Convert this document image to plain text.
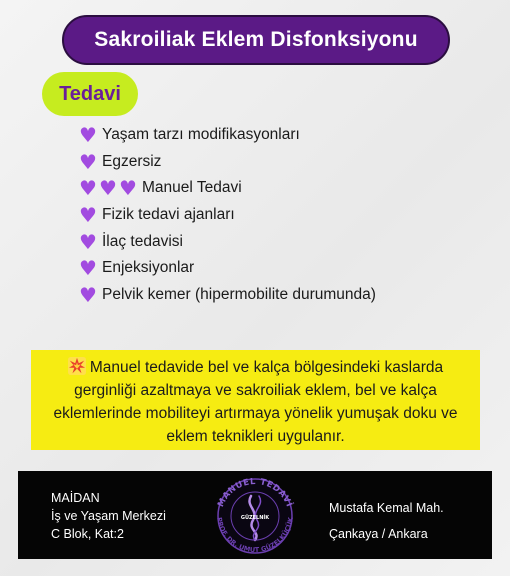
Sakroiliak Eklem Disfonksiyonu
Tedavi
♥ Yaşam tarzı modifikasyonları
♥ Egzersiz
♥ ♥ ♥ Manuel Tedavi
♥ Fizik tedavi ajanları
♥ İlaç tedavisi
♥ Enjeksiyonlar
♥ Pelvik kemer (hipermobilite durumunda)
Manuel tedavide bel ve kalça bölgesindeki kaslarda gerginliği azaltmaya ve sakroiliak eklem, bel ve kalça eklemlerinde mobiliteyi artırmaya yönelik yumuşak doku ve eklem teknikleri uygulanır.
MAİDAN
İş ve Yaşam Merkezi
C Blok, Kat:2
MANUEL TEDAVİ
PROF. DR. UMUT GÜZELKÜÇÜK
GÜZELNİK
Mustafa Kemal Mah.
Çankaya / Ankara
